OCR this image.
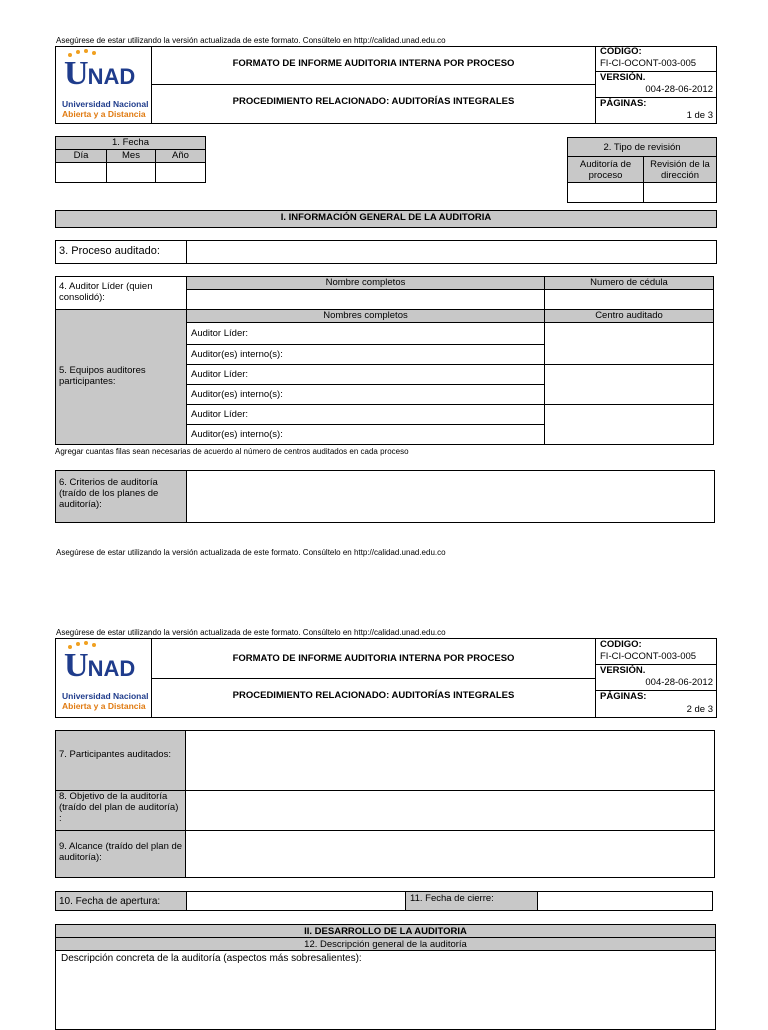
Asegúrese de estar utilizando la versión actualizada de este formato. Consúltelo en http://calidad.unad.edu.co
UNAD
Universidad Nacional
Abierta y a Distancia
FORMATO DE INFORME AUDITORIA INTERNA POR PROCESO
PROCEDIMIENTO RELACIONADO: AUDITORÍAS INTEGRALES
CODIGO:
FI-CI-OCONT-003-005
VERSIÓN.
004-28-06-2012
PÁGINAS:
1 de 3
1. Fecha
Día	Mes	Año
2. Tipo de revisión
Auditoría de proceso
Revisión de la dirección
I. INFORMACIÓN GENERAL DE LA AUDITORIA
3. Proceso auditado:
4. Auditor Líder (quien consolidó):
Nombre completos	Numero de cédula
5. Equipos auditores participantes:
Nombres completos	Centro auditado
Auditor Líder:
Auditor(es) interno(s):
Auditor Líder:
Auditor(es) interno(s):
Auditor Líder:
Auditor(es) interno(s):
Agregar cuantas filas sean necesarias de acuerdo al número de centros auditados en cada proceso
6. Criterios de auditoría (traído de los planes de auditoría):
Asegúrese de estar utilizando la versión actualizada de este formato. Consúltelo en http://calidad.unad.edu.co
Asegúrese de estar utilizando la versión actualizada de este formato. Consúltelo en http://calidad.unad.edu.co
UNAD
Universidad Nacional
Abierta y a Distancia
FORMATO DE INFORME AUDITORIA INTERNA POR PROCESO
PROCEDIMIENTO RELACIONADO: AUDITORÍAS INTEGRALES
CODIGO:
FI-CI-OCONT-003-005
VERSIÓN.
004-28-06-2012
PÁGINAS:
2 de 3
7. Participantes auditados:
8. Objetivo de la auditoría (traído del plan de auditoría) :
9. Alcance (traído del plan de auditoría):
10. Fecha de apertura:	11. Fecha de cierre:
II. DESARROLLO DE LA AUDITORIA
12. Descripción general de la auditoría
Descripción concreta de la auditoría (aspectos más sobresalientes):
